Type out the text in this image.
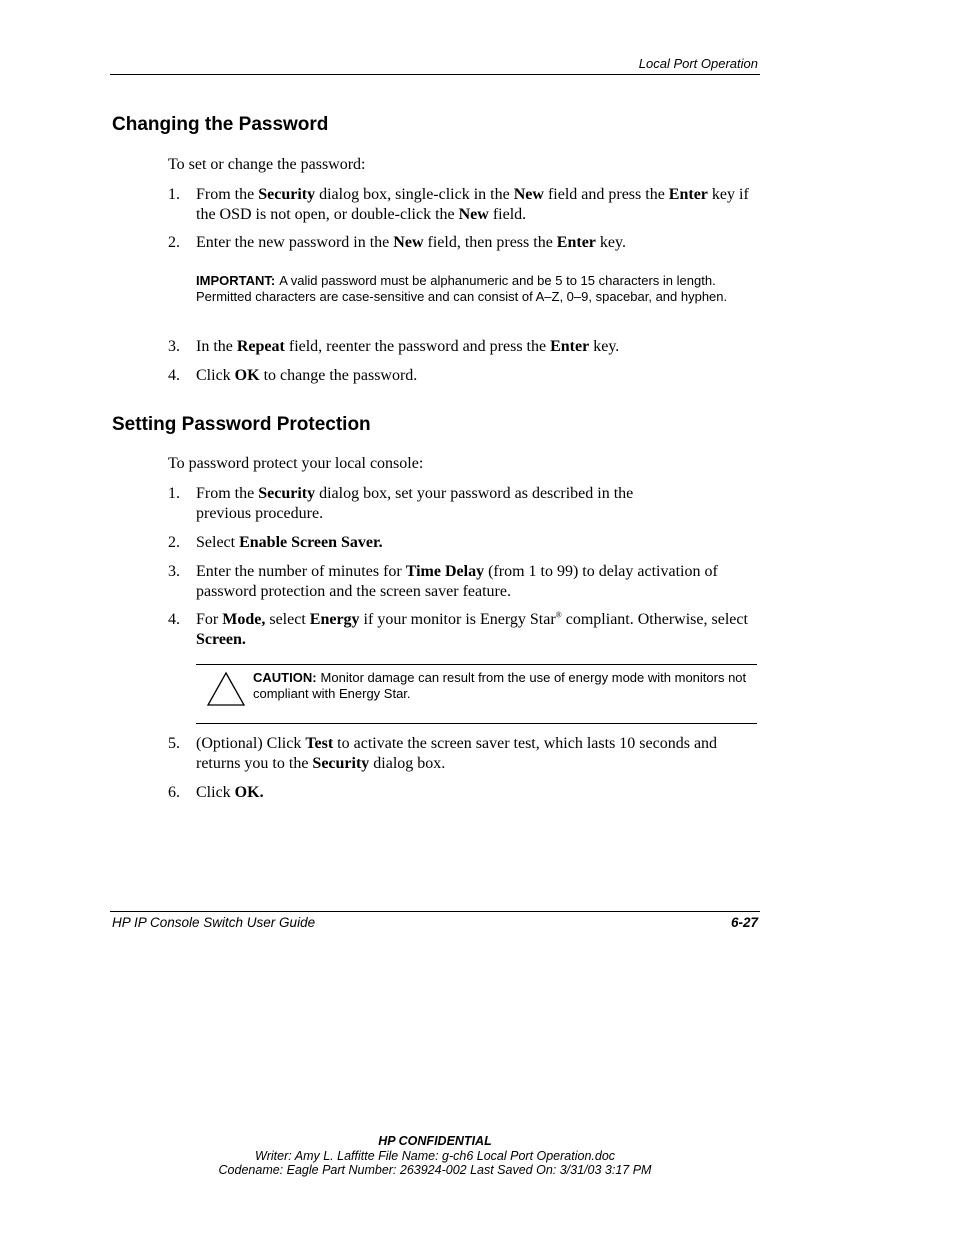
Local Port Operation
Changing the Password
To set or change the password:
1. From the Security dialog box, single-click in the New field and press the Enter key if the OSD is not open, or double-click the New field.
2. Enter the new password in the New field, then press the Enter key.
IMPORTANT: A valid password must be alphanumeric and be 5 to 15 characters in length. Permitted characters are case-sensitive and can consist of A–Z, 0–9, spacebar, and hyphen.
3. In the Repeat field, reenter the password and press the Enter key.
4. Click OK to change the password.
Setting Password Protection
To password protect your local console:
1. From the Security dialog box, set your password as described in the previous procedure.
2. Select Enable Screen Saver.
3. Enter the number of minutes for Time Delay (from 1 to 99) to delay activation of password protection and the screen saver feature.
4. For Mode, select Energy if your monitor is Energy Star® compliant. Otherwise, select Screen.
CAUTION: Monitor damage can result from the use of energy mode with monitors not compliant with Energy Star.
5. (Optional) Click Test to activate the screen saver test, which lasts 10 seconds and returns you to the Security dialog box.
6. Click OK.
HP IP Console Switch User Guide	6-27
HP CONFIDENTIAL
Writer: Amy L. Laffitte File Name: g-ch6 Local Port Operation.doc
Codename: Eagle Part Number: 263924-002 Last Saved On: 3/31/03 3:17 PM
